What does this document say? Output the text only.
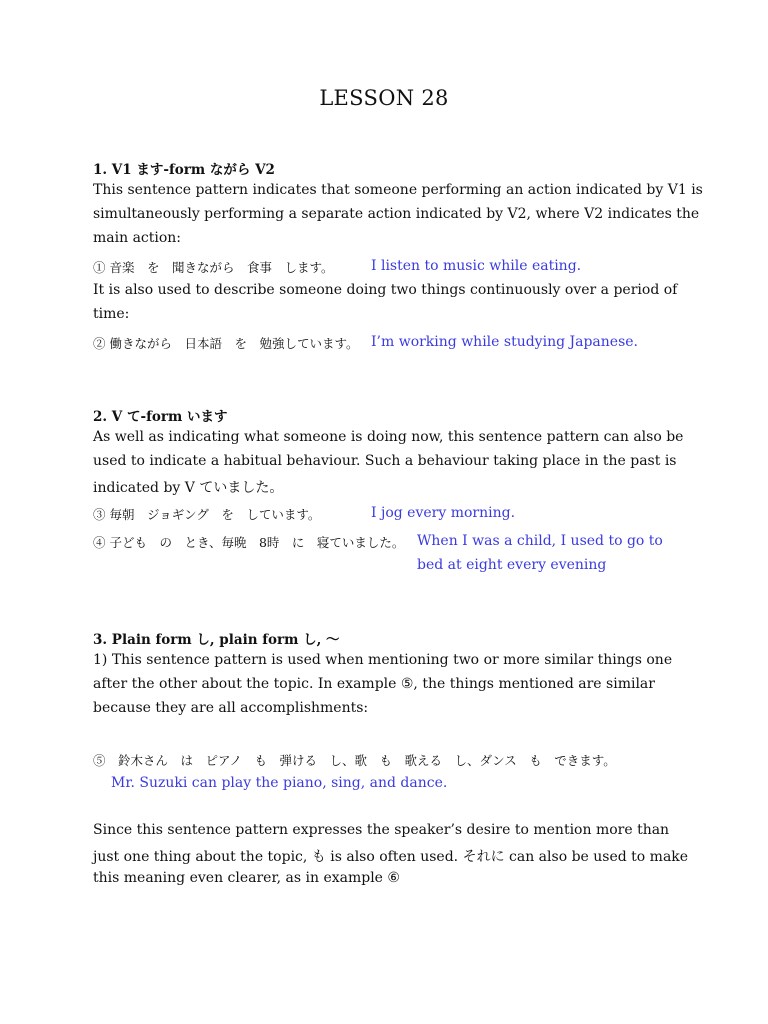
LESSON 28
1. V1 ます-form ながら V2
This sentence pattern indicates that someone performing an action indicated by V1 is
simultaneously performing a separate action indicated by V2, where V2 indicates the
main action:
① 音楽　を　聞きながら　食事　します。	I listen to music while eating.
It is also used to describe someone doing two things continuously over a period of
time:
② 働きながら　日本語　を　勉強しています。 I’m working while studying Japanese.
2. V て-form います
As well as indicating what someone is doing now, this sentence pattern can also be
used to indicate a habitual behaviour. Such a behaviour taking place in the past is
indicated by V ていました。
③ 毎朝　ジョギング　を　しています。	I jog every morning.
④ 子ども　の　とき、毎晩　8時　に　寝ていました。 When I was a child, I used to go to
bed at eight every evening
3. Plain form し, plain form し, ～
1) This sentence pattern is used when mentioning two or more similar things one
after the other about the topic. In example ⑤, the things mentioned are similar
because they are all accomplishments:
⑤　鈴木さん　は　ピアノ　も　弾ける　し、歌　も　歌える　し、ダンス　も　できます。
Mr. Suzuki can play the piano, sing, and dance.
Since this sentence pattern expresses the speaker’s desire to mention more than
just one thing about the topic, も is also often used. それに can also be used to make
this meaning even clearer, as in example ⑥
